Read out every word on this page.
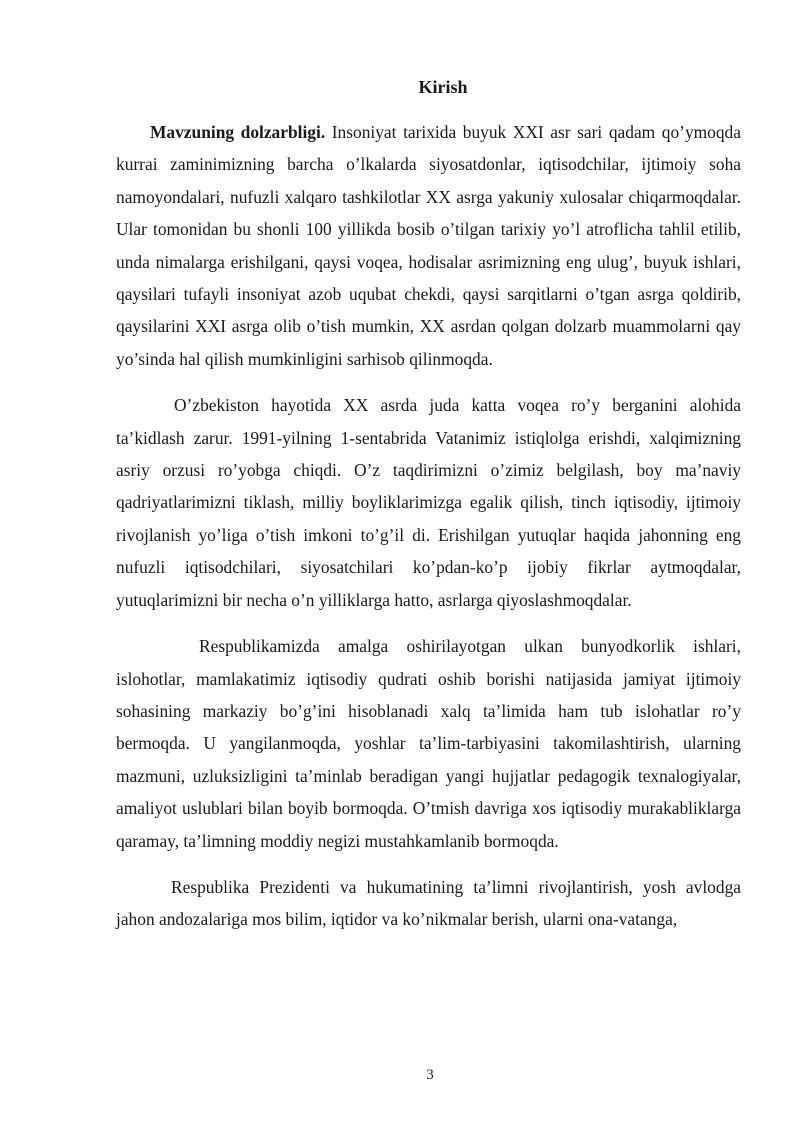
Kirish

Mavzuning dolzarbligi. Insoniyat tarixida buyuk XXI asr sari qadam qo’ymoqda kurrai zaminimizning barcha o’lkalarda siyosatdonlar, iqtisodchilar, ijtimoiy soha namoyondalari, nufuzli xalqaro tashkilotlar XX asrga yakuniy xulosalar chiqarmoqdalar. Ular tomonidan bu shonli 100 yillikda bosib o’tilgan tarixiy yo’l atroflicha tahlil etilib, unda nimalarga erishilgani, qaysi voqea, hodisalar asrimizning eng ulug’, buyuk ishlari, qaysilari tufayli insoniyat azob uqubat chekdi, qaysi sarqitlarni o’tgan asrga qoldirib, qaysilarini XXI asrga olib o’tish mumkin, XX asrdan qolgan dolzarb muammolarni qay yo’sinda hal qilish mumkinligini sarhisob qilinmoqda.

O’zbekiston hayotida XX asrda juda katta voqea ro’y berganini alohida ta’kidlash zarur. 1991-yilning 1-sentabrida Vatanimiz istiqlolga erishdi, xalqimizning asriy orzusi ro’yobga chiqdi. O’z taqdirimizni o’zimiz belgilash, boy ma’naviy qadriyatlarimizni tiklash, milliy boyliklarimizga egalik qilish, tinch iqtisodiy, ijtimoiy rivojlanish yo’liga o’tish imkoni to’g’il di. Erishilgan yutuqlar haqida jahonning eng nufuzli iqtisodchilari, siyosatchilari ko’pdan-ko’p ijobiy fikrlar aytmoqdalar, yutuqlarimizni bir necha o’n yilliklarga hatto, asrlarga qiyoslashmoqdalar.

Respublikamizda amalga oshirilayotgan ulkan bunyodkorlik ishlari, islohotlar, mamlakatimiz iqtisodiy qudrati oshib borishi natijasida jamiyat ijtimoiy sohasining markaziy bo’g’ini hisoblanadi xalq ta’limida ham tub islohatlar ro’y bermoqda. U yangilanmoqda, yoshlar ta’lim-tarbiyasini takomilashtirish, ularning mazmuni, uzluksizligini ta’minlab beradigan yangi hujjatlar pedagogik texnalogiyalar, amaliyot uslublari bilan boyib bormoqda. O’tmish davriga xos iqtisodiy murakabliklarga qaramay, ta’limning moddiy negizi mustahkamlanib bormoqda.

Respublika Prezidenti va hukumatining ta’limni rivojlantirish, yosh avlodga jahon andozalariga mos bilim, iqtidor va ko’nikmalar berish, ularni ona-vatanga,

3
